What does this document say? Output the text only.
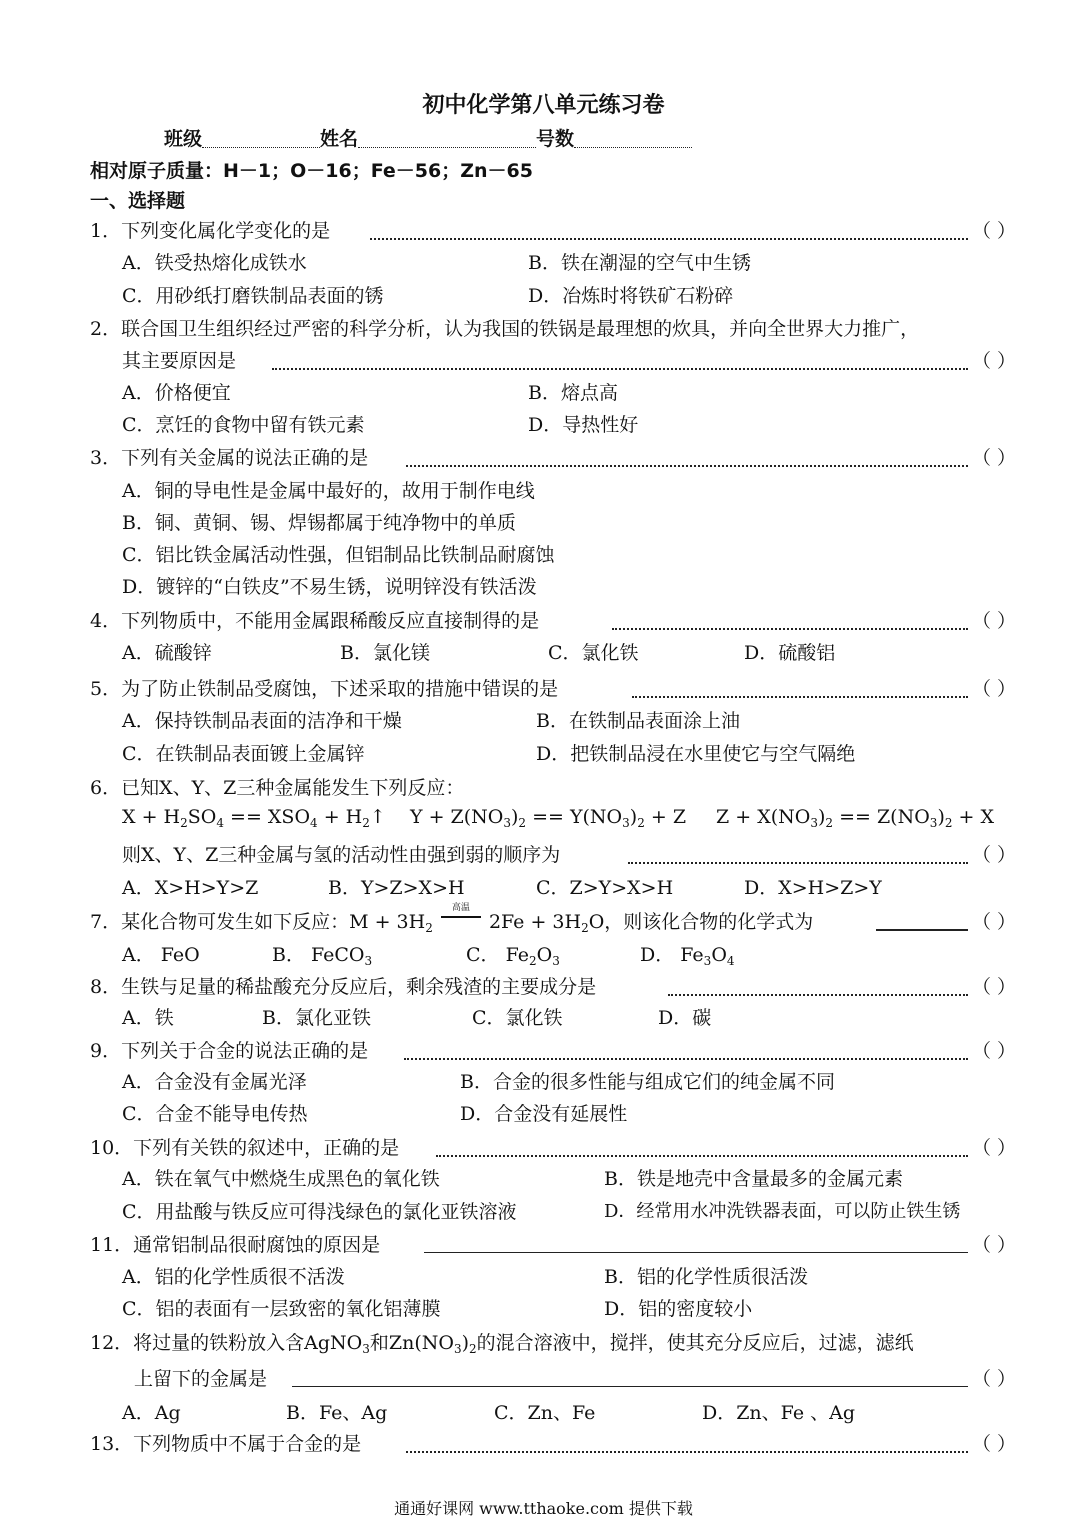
初中化学第八单元练习卷
班级	姓名	号数
相对原子质量：H－1；O－16；Fe－56；Zn－65
一、选择题
1．下列变化属化学变化的是	（ ）
A．铁受热熔化成铁水	B．铁在潮湿的空气中生锈
C．用砂纸打磨铁制品表面的锈	D．冶炼时将铁矿石粉碎
2．联合国卫生组织经过严密的科学分析，认为我国的铁锅是最理想的炊具，并向全世界大力推广，
其主要原因是	（ ）
A．价格便宜	B．熔点高
C．烹饪的食物中留有铁元素	D．导热性好
3．下列有关金属的说法正确的是	（ ）
A．铜的导电性是金属中最好的，故用于制作电线
B．铜、黄铜、锡、焊锡都属于纯净物中的单质
C．铝比铁金属活动性强，但铝制品比铁制品耐腐蚀
D．镀锌的“白铁皮”不易生锈，说明锌没有铁活泼
4．下列物质中，不能用金属跟稀酸反应直接制得的是	（ ）
A．硫酸锌	B．氯化镁	C．氯化铁	D．硫酸铝
5．为了防止铁制品受腐蚀，下述采取的措施中错误的是	（ ）
A．保持铁制品表面的洁净和干燥	B．在铁制品表面涂上油
C．在铁制品表面镀上金属锌	D．把铁制品浸在水里使它与空气隔绝
6．已知X、Y、Z三种金属能发生下列反应：
$X + H_2SO_4 == XSO_4$ + $H_2↑$ $Y + Z(NO_3)_2 == Y(NO_3)_2 + Z$ $Z + X(NO_3)_2 == Z(NO_3)_2 + X$
则X、Y、Z三种金属与氢的活动性由强到弱的顺序为	（ ）
A．X>H>Y>Z	B．Y>Z>X>H	C．Z>Y>X>H	D．X>H>Z>Y
7．某化合物可发生如下反应：$M + 3H_2$
高温
$2Fe + 3H_2O$，则该化合物的化学式为	（ ）
A． FeO	B． FeCO$_3$	C． $Fe_2O_3$	D． $Fe_3O_4$
8．生铁与足量的稀盐酸充分反应后，剩余残渣的主要成分是	（ ）
A．铁	B．氯化亚铁	C．氯化铁	D．碳
9．下列关于合金的说法正确的是	（ ）
A．合金没有金属光泽	B．合金的很多性能与组成它们的纯金属不同
C．合金不能导电传热	D．合金没有延展性
10．下列有关铁的叙述中，正确的是	（ ）
A．铁在氧气中燃烧生成黑色的氧化铁	B．铁是地壳中含量最多的金属元素
C．用盐酸与铁反应可得浅绿色的氯化亚铁溶液	D．经常用水冲洗铁器表面，可以防止铁生锈
11．通常铝制品很耐腐蚀的原因是	（ ）
A．铝的化学性质很不活泼	B．铝的化学性质很活泼
C．铝的表面有一层致密的氧化铝薄膜	D．铝的密度较小
12．将过量的铁粉放入含AgNO$_3$和$Zn(NO_3)_2$的混合溶液中，搅拌，使其充分反应后，过滤，滤纸
上留下的金属是	（ ）
A．Ag	B．Fe、Ag	C．Zn、Fe	D．Zn、Fe 、Ag
13．下列物质中不属于合金的是	（ ）
通通好课网 www.tthaoke.com 提供下载
